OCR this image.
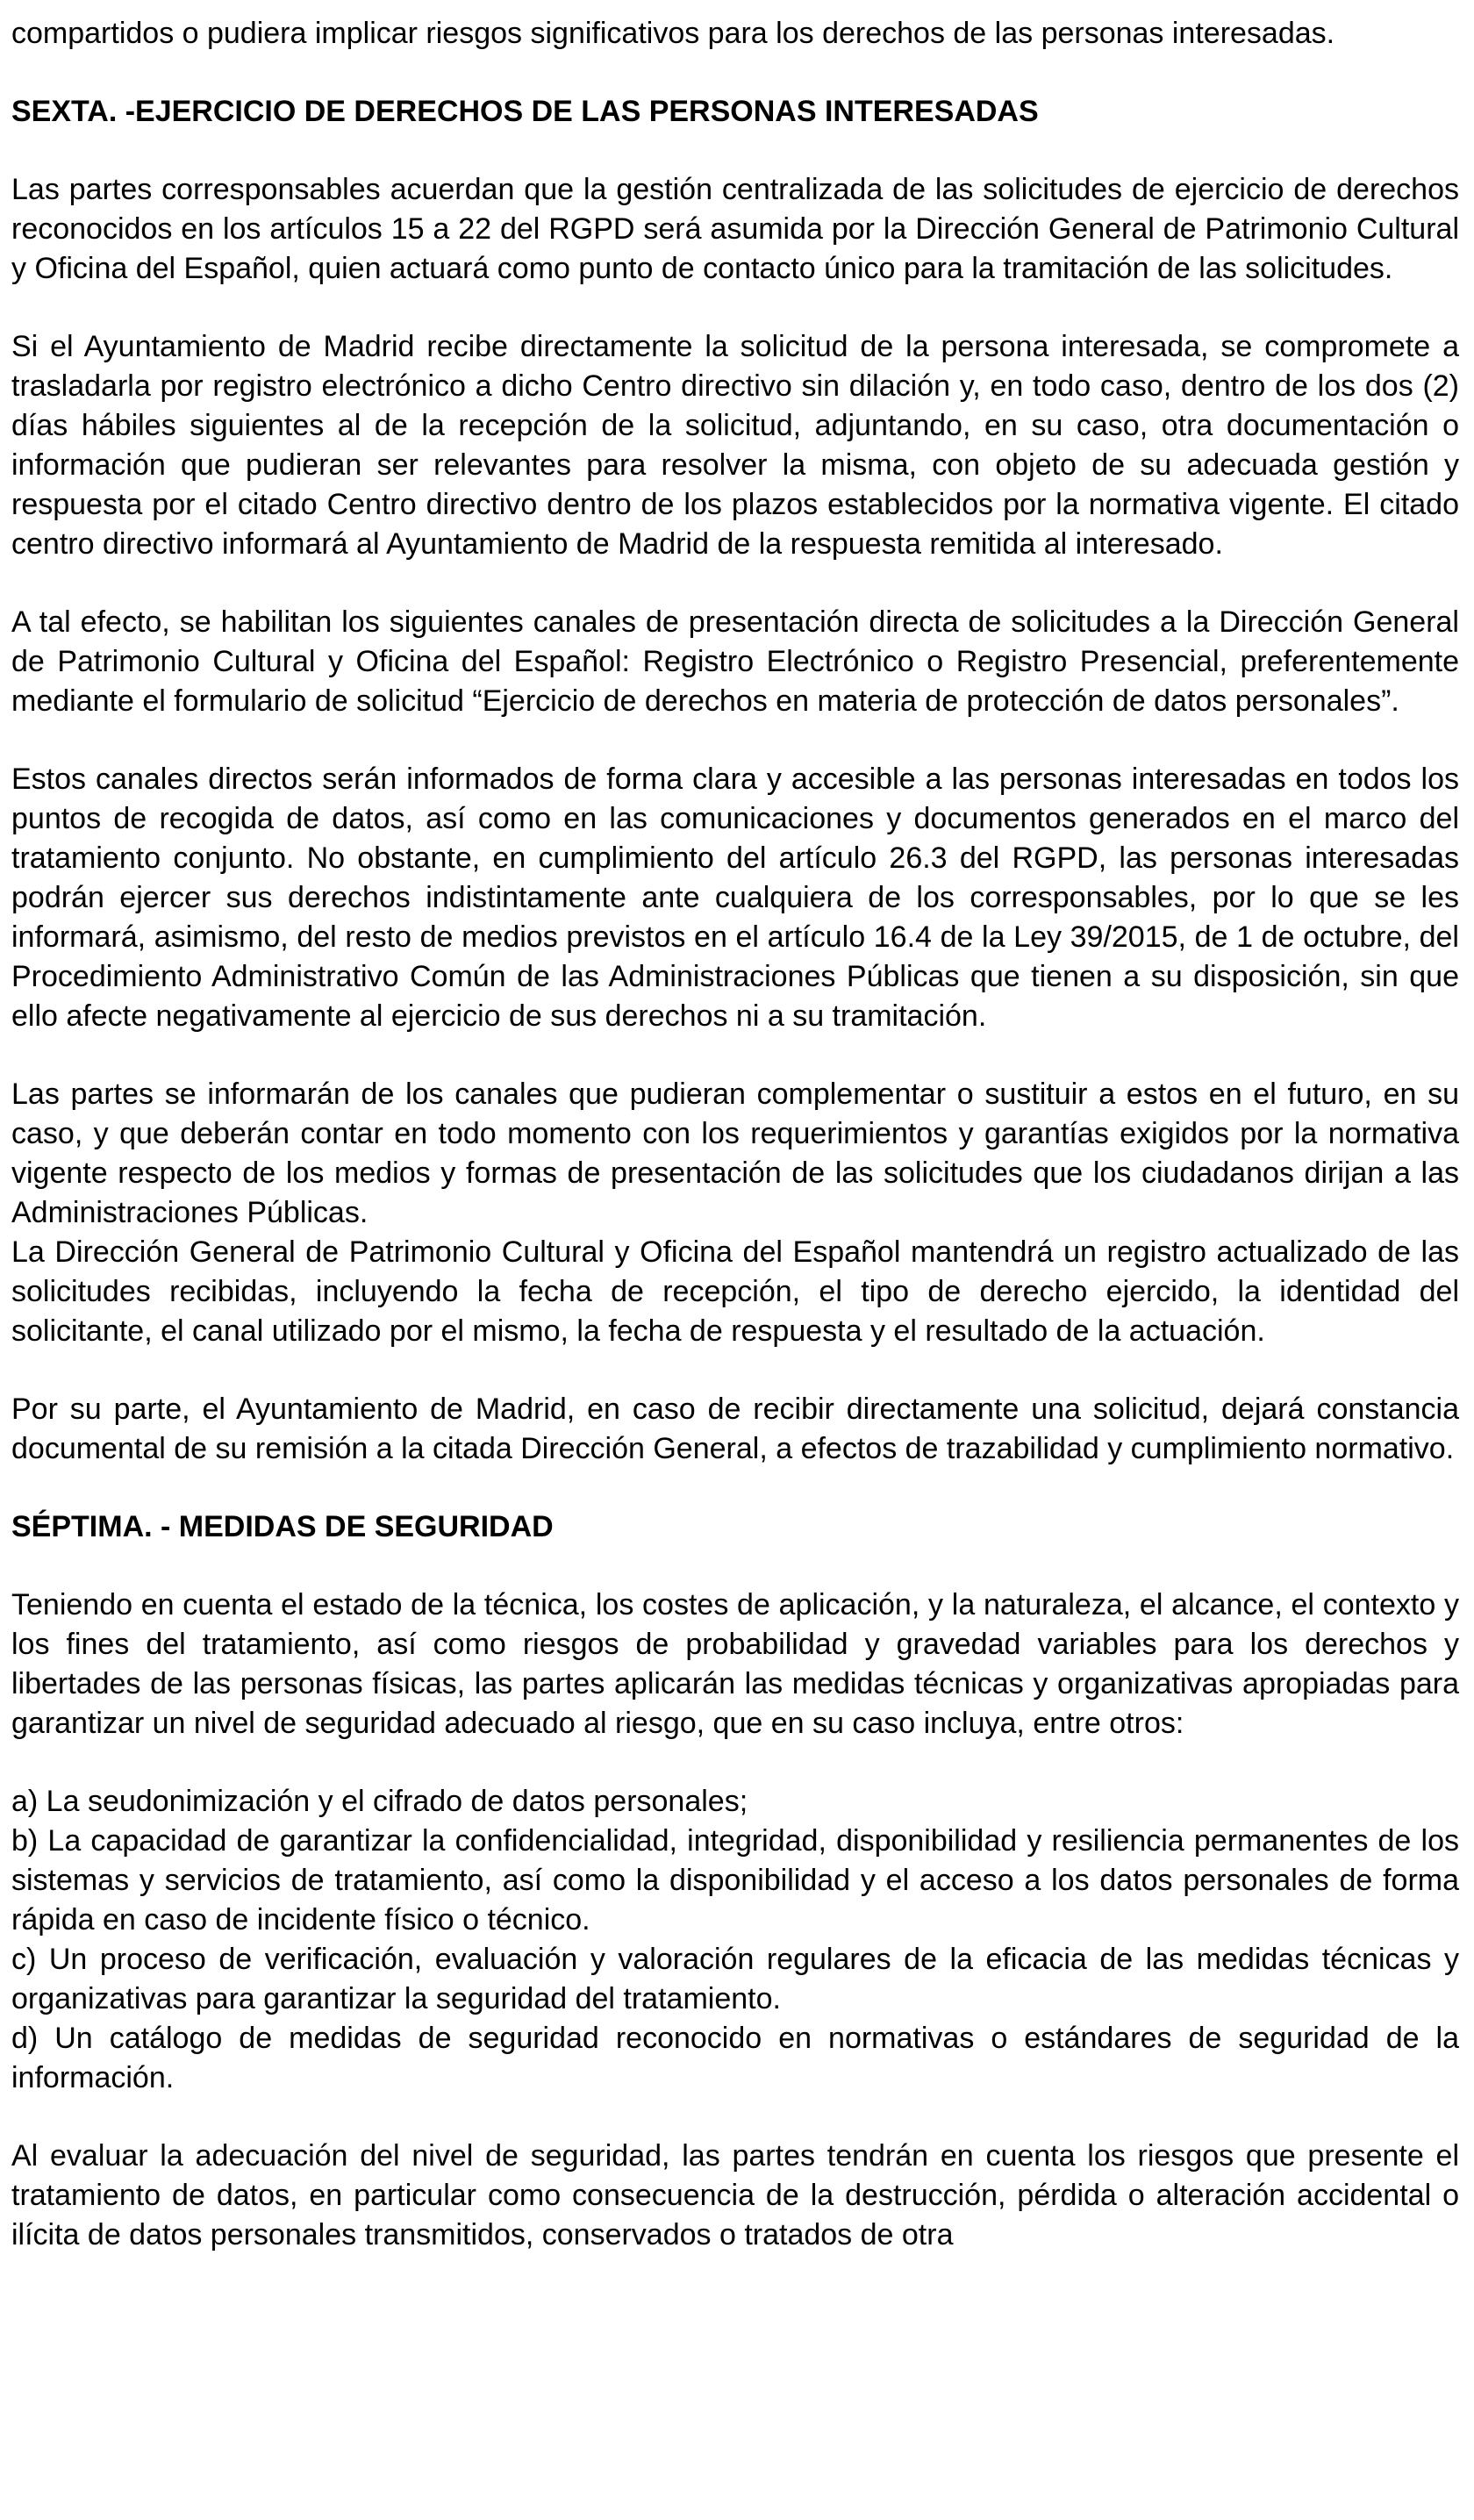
compartidos o pudiera implicar riesgos significativos para los derechos de las personas interesadas.

SEXTA. -EJERCICIO DE DERECHOS DE LAS PERSONAS INTERESADAS

Las partes corresponsables acuerdan que la gestión centralizada de las solicitudes de ejercicio de derechos reconocidos en los artículos 15 a 22 del RGPD será asumida por la Dirección General de Patrimonio Cultural y Oficina del Español, quien actuará como punto de contacto único para la tramitación de las solicitudes.

Si el Ayuntamiento de Madrid recibe directamente la solicitud de la persona interesada, se compromete a trasladarla por registro electrónico a dicho Centro directivo sin dilación y, en todo caso, dentro de los dos (2) días hábiles siguientes al de la recepción de la solicitud, adjuntando, en su caso, otra documentación o información que pudieran ser relevantes para resolver la misma, con objeto de su adecuada gestión y respuesta por el citado Centro directivo dentro de los plazos establecidos por la normativa vigente. El citado centro directivo informará al Ayuntamiento de Madrid de la respuesta remitida al interesado.

A tal efecto, se habilitan los siguientes canales de presentación directa de solicitudes a la Dirección General de Patrimonio Cultural y Oficina del Español: Registro Electrónico o Registro Presencial, preferentemente mediante el formulario de solicitud “Ejercicio de derechos en materia de protección de datos personales”.

Estos canales directos serán informados de forma clara y accesible a las personas interesadas en todos los puntos de recogida de datos, así como en las comunicaciones y documentos generados en el marco del tratamiento conjunto. No obstante, en cumplimiento del artículo 26.3 del RGPD, las personas interesadas podrán ejercer sus derechos indistintamente ante cualquiera de los corresponsables, por lo que se les informará, asimismo, del resto de medios previstos en el artículo 16.4 de la Ley 39/2015, de 1 de octubre, del Procedimiento Administrativo Común de las Administraciones Públicas que tienen a su disposición, sin que ello afecte negativamente al ejercicio de sus derechos ni a su tramitación.

Las partes se informarán de los canales que pudieran complementar o sustituir a estos en el futuro, en su caso, y que deberán contar en todo momento con los requerimientos y garantías exigidos por la normativa vigente respecto de los medios y formas de presentación de las solicitudes que los ciudadanos dirijan a las Administraciones Públicas.

La Dirección General de Patrimonio Cultural y Oficina del Español mantendrá un registro actualizado de las solicitudes recibidas, incluyendo la fecha de recepción, el tipo de derecho ejercido, la identidad del solicitante, el canal utilizado por el mismo, la fecha de respuesta y el resultado de la actuación.

Por su parte, el Ayuntamiento de Madrid, en caso de recibir directamente una solicitud, dejará constancia documental de su remisión a la citada Dirección General, a efectos de trazabilidad y cumplimiento normativo.

SÉPTIMA. - MEDIDAS DE SEGURIDAD

Teniendo en cuenta el estado de la técnica, los costes de aplicación, y la naturaleza, el alcance, el contexto y los fines del tratamiento, así como riesgos de probabilidad y gravedad variables para los derechos y libertades de las personas físicas, las partes aplicarán las medidas técnicas y organizativas apropiadas para garantizar un nivel de seguridad adecuado al riesgo, que en su caso incluya, entre otros:

a) La seudonimización y el cifrado de datos personales;

b) La capacidad de garantizar la confidencialidad, integridad, disponibilidad y resiliencia permanentes de los sistemas y servicios de tratamiento, así como la disponibilidad y el acceso a los datos personales de forma rápida en caso de incidente físico o técnico.

c) Un proceso de verificación, evaluación y valoración regulares de la eficacia de las medidas técnicas y organizativas para garantizar la seguridad del tratamiento.

d) Un catálogo de medidas de seguridad reconocido en normativas o estándares de seguridad de la información.

Al evaluar la adecuación del nivel de seguridad, las partes tendrán en cuenta los riesgos que presente el tratamiento de datos, en particular como consecuencia de la destrucción, pérdida o alteración accidental o ilícita de datos personales transmitidos, conservados o tratados de otra
